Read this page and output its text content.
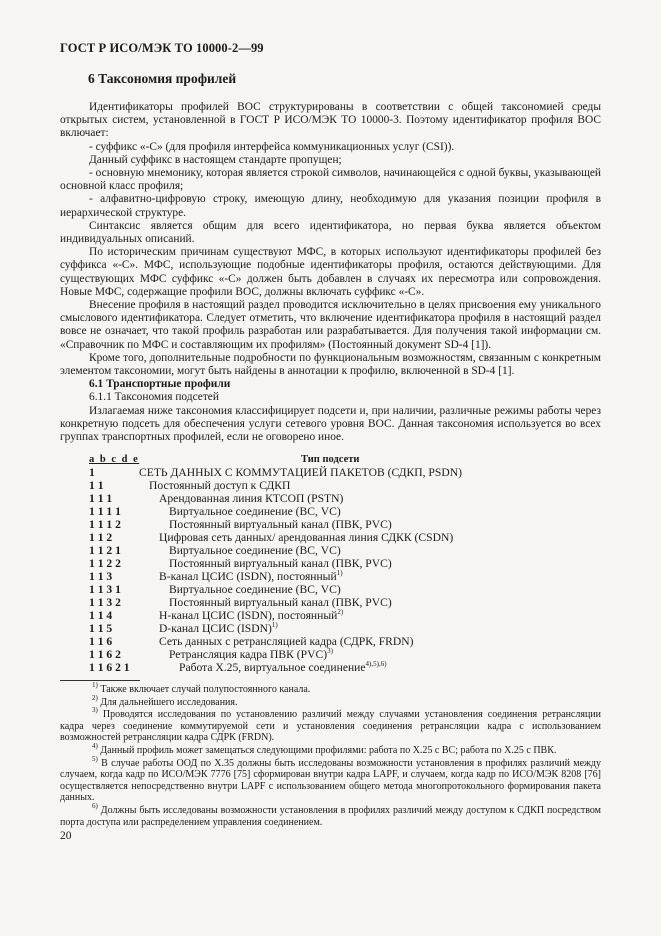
ГОСТ Р ИСО/МЭК ТО 10000-2—99
6 Таксономия профилей

Идентификаторы профилей ВОС структурированы в соответствии с общей таксономией среды открытых систем, установленной в ГОСТ Р ИСО/МЭК ТО 10000-3. Поэтому идентификатор профиля ВОС включает:

- суффикс «-С» (для профиля интерфейса коммуникационных услуг (CSI)).

Данный суффикс в настоящем стандарте пропущен;

- основную мнемонику, которая является строкой символов, начинающейся с одной буквы, указывающей основной класс профиля;

- алфавитно-цифровую строку, имеющую длину, необходимую для указания позиции профиля в иерархической структуре.

Синтаксис является общим для всего идентификатора, но первая буква является объектом индивидуальных описаний.

По историческим причинам существуют МФС, в которых используют идентификаторы профилей без суффикса «-С». МФС, использующие подобные идентификаторы профиля, остаются действующими. Для существующих МФС суффикс «-С» должен быть добавлен в случаях их пересмотра или сопровождения. Новые МФС, содержащие профили ВОС, должны включать суффикс «-С».

Внесение профиля в настоящий раздел проводится исключительно в целях присвоения ему уникального смыслового идентификатора. Следует отметить, что включение идентификатора профиля в настоящий раздел вовсе не означает, что такой профиль разработан или разрабатывается. Для получения такой информации см. «Справочник по МФС и составляющим их профилям» (Постоянный документ SD-4 [1]).

Кроме того, дополнительные подробности по функциональным возможностям, связанным с конкретным элементом таксономии, могут быть найдены в аннотации к профилю, включенной в SD-4 [1].

6.1 Транспортные профили

6.1.1 Таксономия подсетей

Излагаемая ниже таксономия классифицирует подсети и, при наличии, различные режимы работы через конкретную подсеть для обеспечения услуги сетевого уровня ВОС. Данная таксономия используется во всех группах транспортных профилей, если не оговорено иное.

a b c d e	Тип подсети
1	СЕТЬ ДАННЫХ С КОММУТАЦИЕЙ ПАКЕТОВ (СДКП, PSDN)
1 1	Постоянный доступ к СДКП
1 1 1	Арендованная линия КТСОП (PSTN)
1 1 1 1	Виртуальное соединение (ВС, VC)
1 1 1 2	Постоянный виртуальный канал (ПВК, PVC)
1 1 2	Цифровая сеть данных/ арендованная линия СДКК (CSDN)
1 1 2 1	Виртуальное соединение (ВС, VC)
1 1 2 2	Постоянный виртуальный канал (ПВК, PVC)
1 1 3	В-канал ЦСИС (ISDN), постоянный$^{1)}$
1 1 3 1	Виртуальное соединение (ВС, VC)
1 1 3 2	Постоянный виртуальный канал (ПВК, PVC)
1 1 4	Н-канал ЦСИС (ISDN), постоянный$^{2)}$
1 1 5	D-канал ЦСИС (ISDN)$^{1)}$
1 1 6	Сеть данных с ретрансляцией кадра (СДРК, FRDN)
1 1 6 2	Ретрансляция кадра ПВК (PVC)$^{3)}$
1 1 6 2 1	Работа X.25, виртуальное соединение$^{4),5),6)}$

$^{1)}$ Также включает случай полупостоянного канала.

$^{2)}$ Для дальнейшего исследования.

$^{3)}$ Проводятся исследования по установлению различий между случаями установления соединения ретрансляции кадра через соединение коммутируемой сети и установления соединения ретрансляции кадра с использованием возможностей ретрансляции кадра СДРК (FRDN).

$^{4)}$ Данный профиль может замещаться следующими профилями: работа по X.25 с ВС; работа по X.25 с ПВК.

$^{5)}$ В случае работы ООД по X.35 должны быть исследованы возможности установления в профилях различий между случаем, когда кадр по ИСО/МЭК 7776 [75] сформирован внутри кадра LAPF, и случаем, когда кадр по ИСО/МЭК 8208 [76] осуществляется непосредственно внутри LAPF с использованием общего метода многопротокольного формирования пакета данных.

$^{6)}$ Должны быть исследованы возможности установления в профилях различий между доступом к СДКП посредством порта доступа или распределением управления соединением.

20
